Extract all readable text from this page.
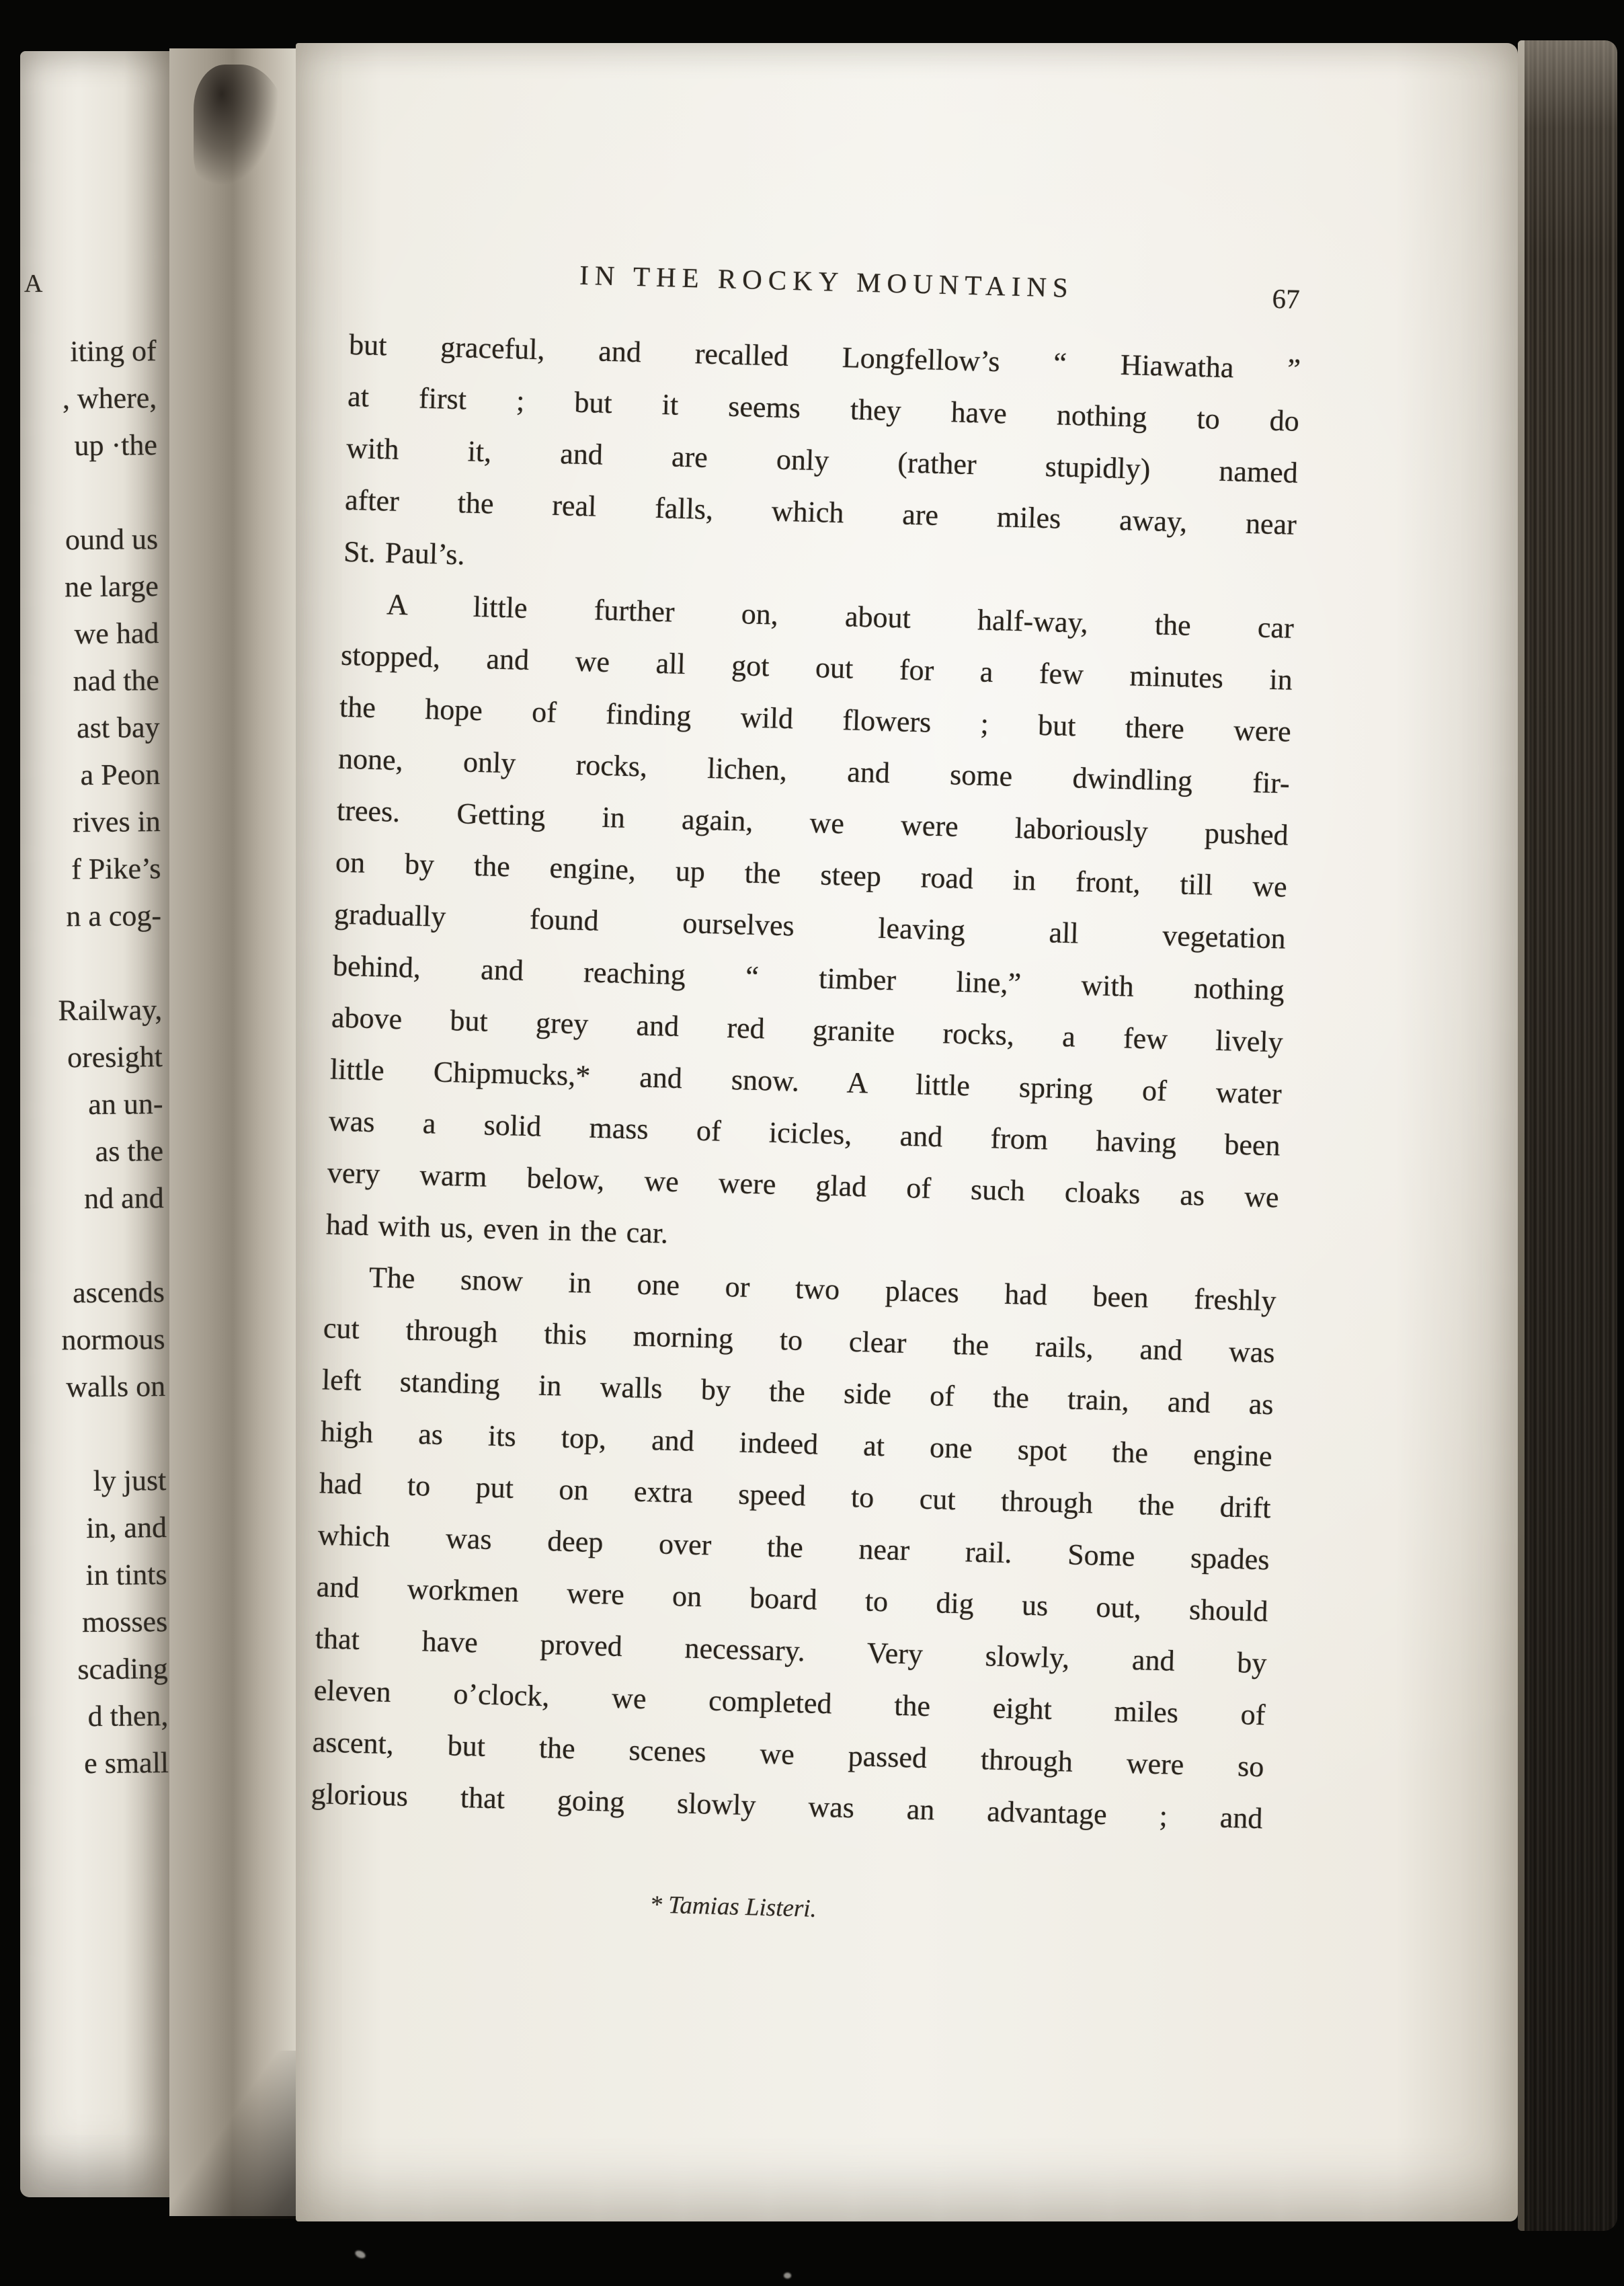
A
iting of
, where,
up ·the
ound us
ne large
we had
nad the
ast bay
a Peon
rives in
f Pike’s
n a cog-
Railway,
oresight
an un-
as the
nd and
ascends
normous
walls on
ly just
in, and
in tints
mosses
scading
d then,
e small
IN THE ROCKY MOUNTAINS	67
but graceful, and recalled Longfellow’s “ Hiawatha ”
at first ; but it seems they have nothing to do
with it, and are only (rather stupidly) named
after the real falls, which are miles away, near
St. Paul’s.
A little further on, about half-way, the car
stopped, and we all got out for a few minutes in
the hope of finding wild flowers ; but there were
none, only rocks, lichen, and some dwindling fir-
trees. Getting in again, we were laboriously pushed
on by the engine, up the steep road in front, till we
gradually found ourselves leaving all vegetation
behind, and reaching “ timber line,” with nothing
above but grey and red granite rocks, a few lively
little Chipmucks,* and snow. A little spring of water
was a solid mass of icicles, and from having been
very warm below, we were glad of such cloaks as we
had with us, even in the car.
The snow in one or two places had been freshly
cut through this morning to clear the rails, and was
left standing in walls by the side of the train, and as
high as its top, and indeed at one spot the engine
had to put on extra speed to cut through the drift
which was deep over the near rail. Some spades
and workmen were on board to dig us out, should
that have proved necessary. Very slowly, and by
eleven o’clock, we completed the eight miles of
ascent, but the scenes we passed through were so
glorious that going slowly was an advantage ; and
* Tamias Listeri.
